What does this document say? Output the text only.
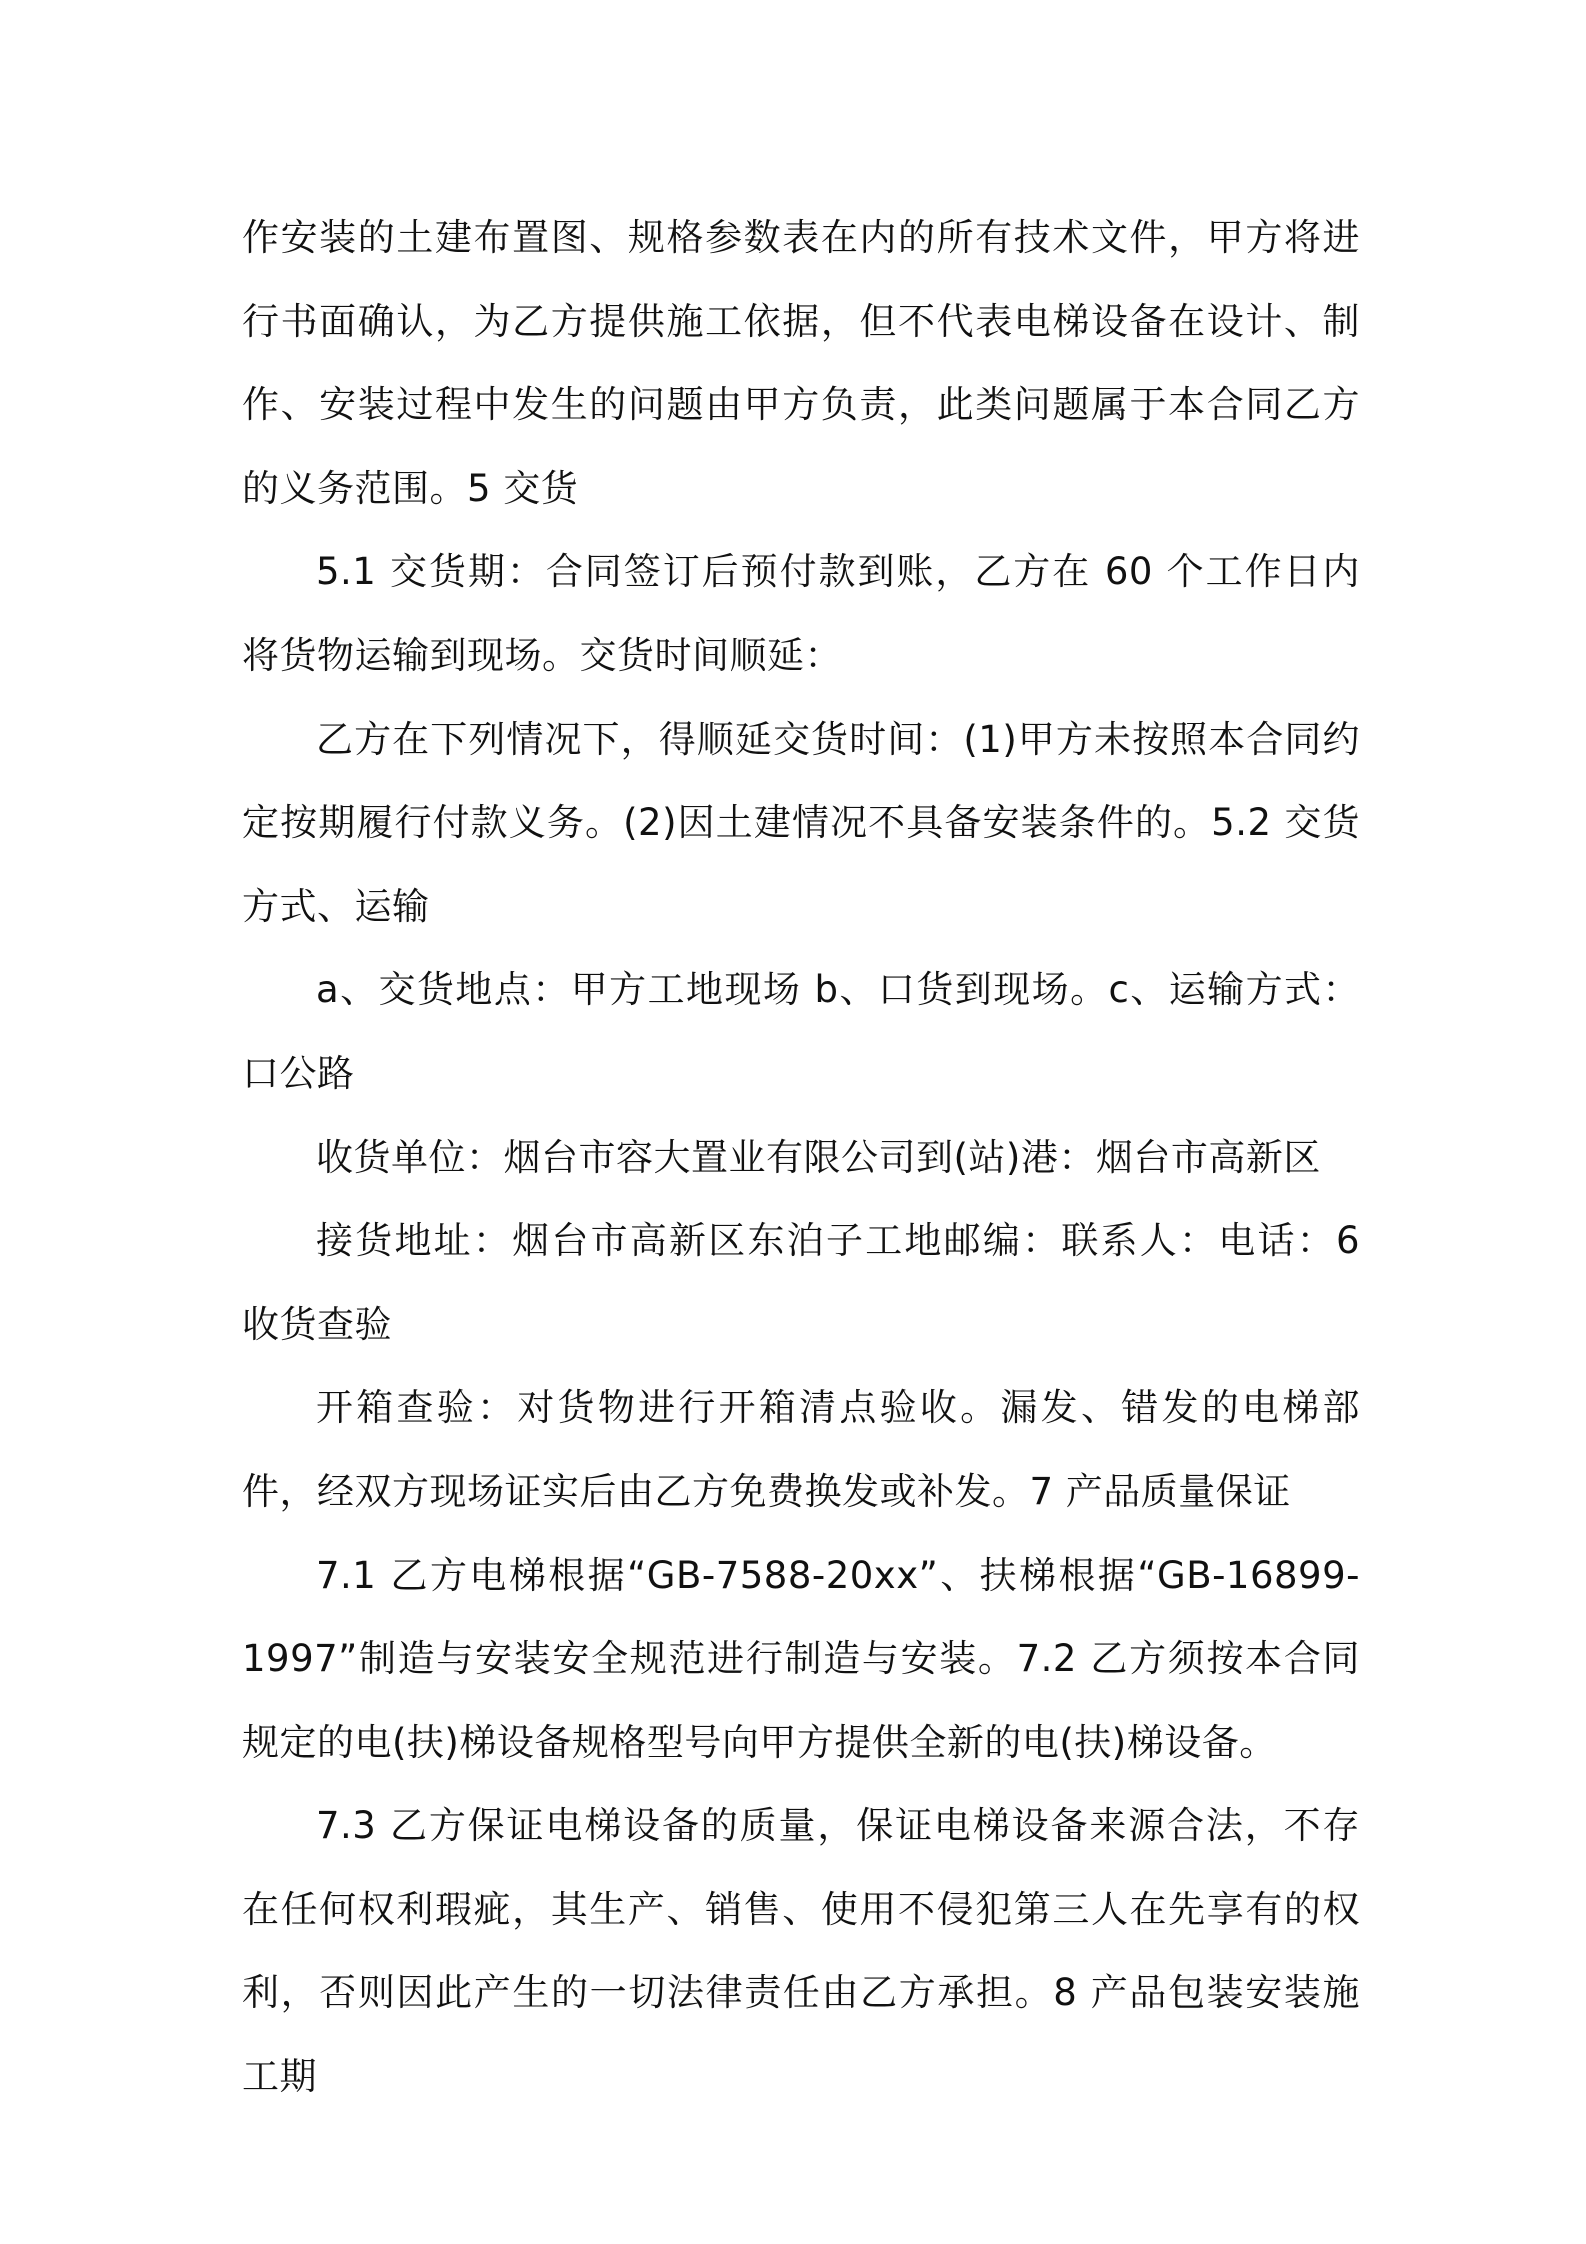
作安装的土建布置图、规格参数表在内的所有技术文件，甲方将进行书面确认，为乙方提供施工依据，但不代表电梯设备在设计、制作、安装过程中发生的问题由甲方负责，此类问题属于本合同乙方的义务范围。5 交货

5.1 交货期：合同签订后预付款到账，乙方在 60 个工作日内将货物运输到现场。交货时间顺延：

乙方在下列情况下，得顺延交货时间：(1)甲方未按照本合同约定按期履行付款义务。(2)因土建情况不具备安装条件的。5.2 交货方式、运输

a、交货地点：甲方工地现场 b、口货到现场。c、运输方式：口公路

收货单位：烟台市容大置业有限公司到(站)港：烟台市高新区

接货地址：烟台市高新区东泊子工地邮编：联系人：电话：6 收货查验

开箱查验：对货物进行开箱清点验收。漏发、错发的电梯部件，经双方现场证实后由乙方免费换发或补发。7 产品质量保证

7.1 乙方电梯根据“GB-7588-20xx”、扶梯根据“GB-16899-1997”制造与安装安全规范进行制造与安装。7.2 乙方须按本合同规定的电(扶)梯设备规格型号向甲方提供全新的电(扶)梯设备。

7.3 乙方保证电梯设备的质量，保证电梯设备来源合法，不存在任何权利瑕疵，其生产、销售、使用不侵犯第三人在先享有的权利，否则因此产生的一切法律责任由乙方承担。8 产品包装安装施工期
